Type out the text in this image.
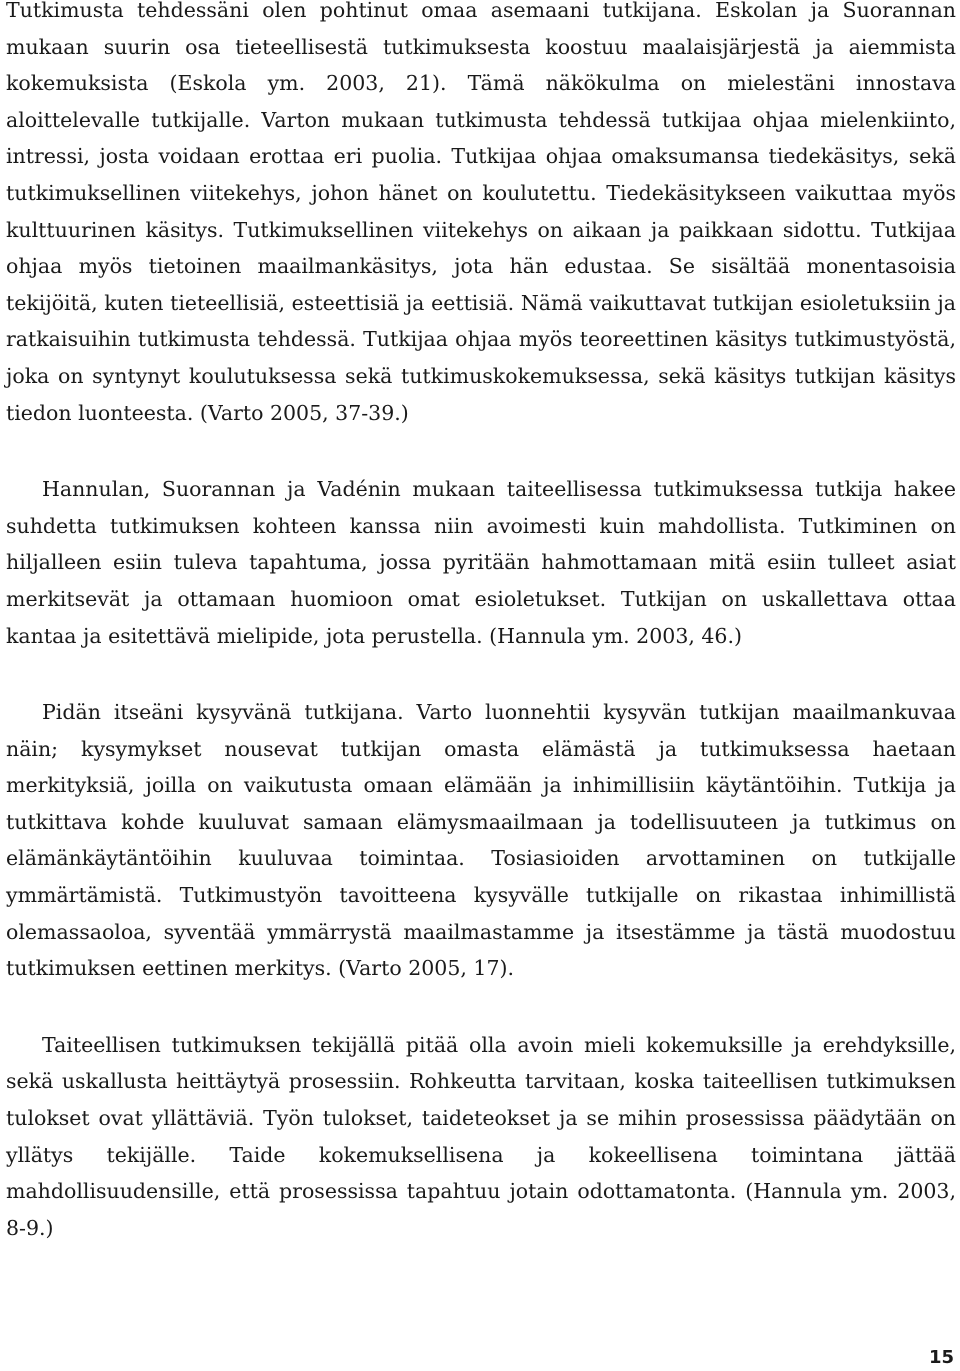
Tutkimusta tehdessäni olen pohtinut omaa asemaani tutkijana. Eskolan ja Suorannan mukaan suurin osa tieteellisestä tutkimuksesta koostuu maalaisjärjestä ja aiemmista kokemuksista (Eskola ym. 2003, 21). Tämä näkökulma on mielestäni innostava aloittelevalle tutkijalle. Varton mukaan tutkimusta tehdessä tutkijaa ohjaa mielenkiinto, intressi, josta voidaan erottaa eri puolia. Tutkijaa ohjaa omaksumansa tiedekäsitys, sekä tutkimuksellinen viitekehys, johon hänet on koulutettu. Tiedekäsitykseen vaikuttaa myös kulttuurinen käsitys. Tutkimuksellinen viitekehys on aikaan ja paikkaan sidottu. Tutkijaa ohjaa myös tietoinen maailmankäsitys, jota hän edustaa. Se sisältää monentasoisia tekijöitä, kuten tieteellisiä, esteettisiä ja eettisiä. Nämä vaikuttavat tutkijan esioletuksiin ja ratkaisuihin tutkimusta tehdessä. Tutkijaa ohjaa myös teoreettinen käsitys tutkimustyöstä, joka on syntynyt koulutuksessa sekä tutkimuskokemuksessa, sekä käsitys tutkijan käsitys tiedon luonteesta. (Varto 2005, 37-39.)

Hannulan, Suorannan ja Vadénin mukaan taiteellisessa tutkimuksessa tutkija hakee suhdetta tutkimuksen kohteen kanssa niin avoimesti kuin mahdollista. Tutkiminen on hiljalleen esiin tuleva tapahtuma, jossa pyritään hahmottamaan mitä esiin tulleet asiat merkitsevät ja ottamaan huomioon omat esioletukset. Tutkijan on uskallettava ottaa kantaa ja esitettävä mielipide, jota perustella. (Hannula ym. 2003, 46.)

Pidän itseäni kysyvänä tutkijana. Varto luonnehtii kysyvän tutkijan maailmankuvaa näin; kysymykset nousevat tutkijan omasta elämästä ja tutkimuksessa haetaan merkityksiä, joilla on vaikutusta omaan elämään ja inhimillisiin käytäntöihin. Tutkija ja tutkittava kohde kuuluvat samaan elämysmaailmaan ja todellisuuteen ja tutkimus on elämänkäytäntöihin kuuluvaa toimintaa. Tosiasioiden arvottaminen on tutkijalle ymmärtämistä. Tutkimustyön tavoitteena kysyvälle tutkijalle on rikastaa inhimillistä olemassaoloa, syventää ymmärrystä maailmastamme ja itsestämme ja tästä muodostuu tutkimuksen eettinen merkitys. (Varto 2005, 17).

Taiteellisen tutkimuksen tekijällä pitää olla avoin mieli kokemuksille ja erehdyksille, sekä uskallusta heittäytyä prosessiin. Rohkeutta tarvitaan, koska taiteellisen tutkimuksen tulokset ovat yllättäviä. Työn tulokset, taideteokset ja se mihin prosessissa päädytään on yllätys tekijälle. Taide kokemuksellisena ja kokeellisena toimintana jättää mahdollisuudensille, että prosessissa tapahtuu jotain odottamatonta. (Hannula ym. 2003, 8-9.)

15
